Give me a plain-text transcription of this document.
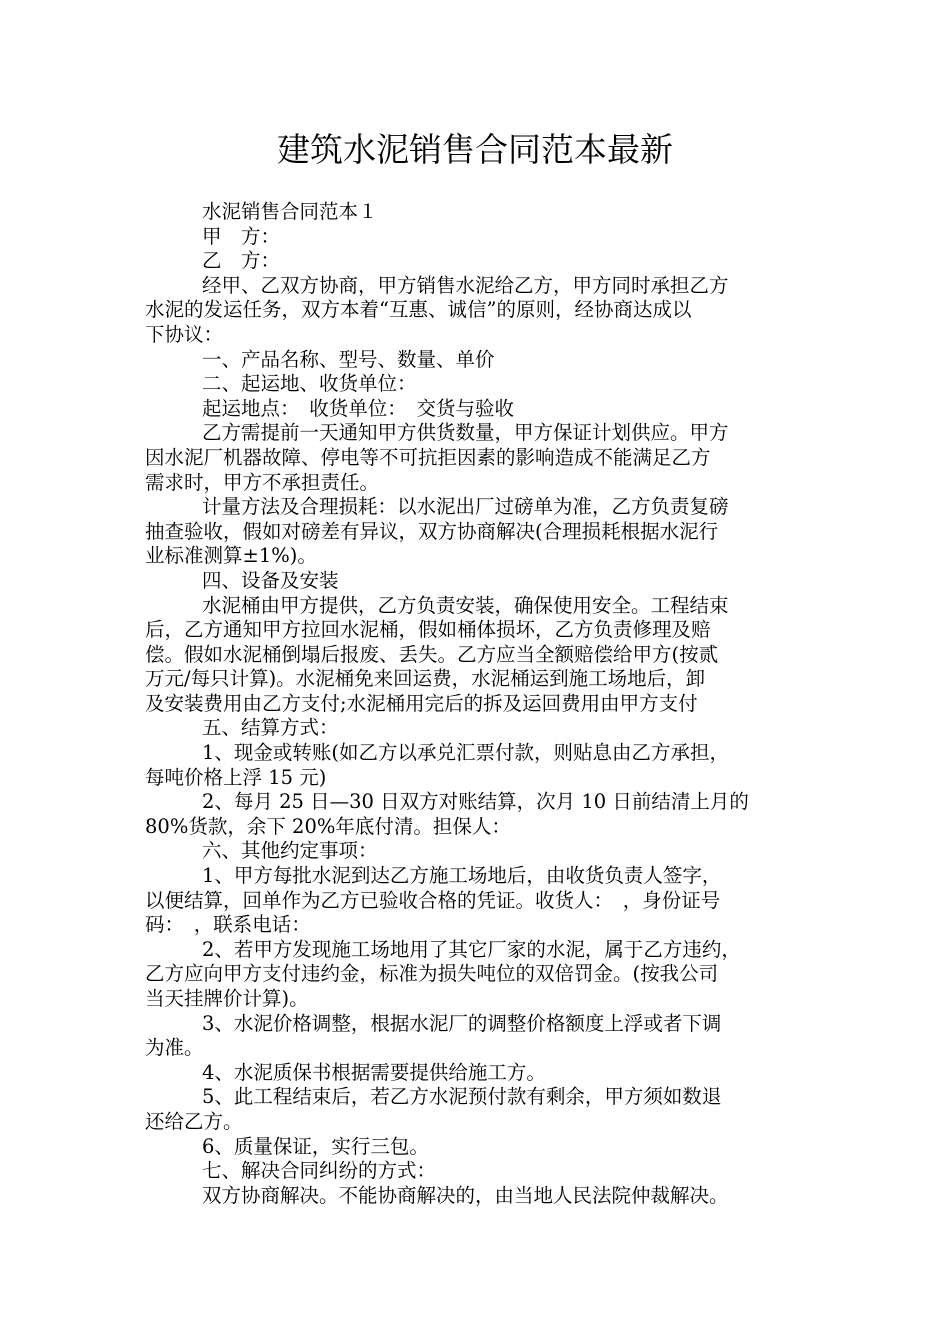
建筑水泥销售合同范本最新

水泥销售合同范本１

甲　方：

乙　方：

经甲、乙双方协商，甲方销售水泥给乙方，甲方同时承担乙方
水泥的发运任务，双方本着“互惠、诚信”的原则，经协商达成以
下协议：

一、产品名称、型号、数量、单价

二、起运地、收货单位：

起运地点：　收货单位：　交货与验收

乙方需提前一天通知甲方供货数量，甲方保证计划供应。甲方
因水泥厂机器故障、停电等不可抗拒因素的影响造成不能满足乙方
需求时，甲方不承担责任。

计量方法及合理损耗：以水泥出厂过磅单为准，乙方负责复磅
抽查验收，假如对磅差有异议，双方协商解决(合理损耗根据水泥行
业标准测算±1%)。

四、设备及安装

水泥桶由甲方提供，乙方负责安装，确保使用安全。工程结束
后，乙方通知甲方拉回水泥桶，假如桶体损坏，乙方负责修理及赔
偿。假如水泥桶倒塌后报废、丢失。乙方应当全额赔偿给甲方(按贰
万元/每只计算)。水泥桶免来回运费，水泥桶运到施工场地后，卸
及安装费用由乙方支付;水泥桶用完后的拆及运回费用由甲方支付

五、结算方式：

1、现金或转账(如乙方以承兑汇票付款，则贴息由乙方承担，
每吨价格上浮 15 元)

2、每月 25 日—30 日双方对账结算，次月 10 日前结清上月的
80%货款，余下 20%年底付清。担保人：

六、其他约定事项：

1、甲方每批水泥到达乙方施工场地后，由收货负责人签字，
以便结算，回单作为乙方已验收合格的凭证。收货人：　，身份证号
码：　，联系电话：

2、若甲方发现施工场地用了其它厂家的水泥，属于乙方违约，
乙方应向甲方支付违约金，标准为损失吨位的双倍罚金。(按我公司
当天挂牌价计算)。

3、水泥价格调整，根据水泥厂的调整价格额度上浮或者下调
为准。

4、水泥质保书根据需要提供给施工方。

5、此工程结束后，若乙方水泥预付款有剩余，甲方须如数退
还给乙方。

6、质量保证，实行三包。

七、解决合同纠纷的方式：

双方协商解决。不能协商解决的，由当地人民法院仲裁解决。
